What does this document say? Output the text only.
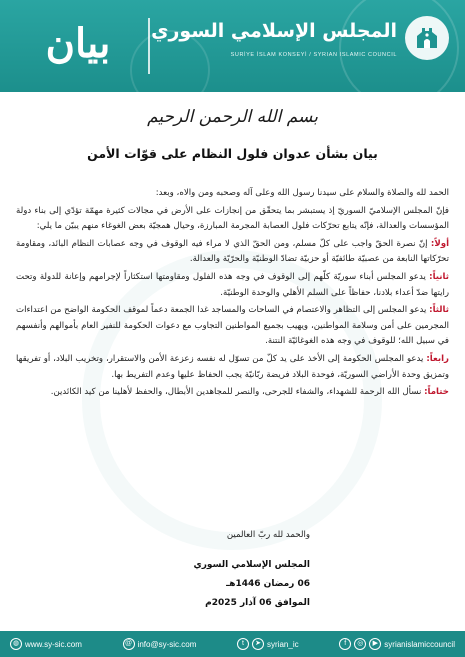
بيان	المجلس الإسلامي السوري
SURİYE İSLAM KONSEYİ / SYRIAN ISLAMIC COUNCIL
بسم الله الرحمن الرحيم
بيان بشأن عدوان فلول النظام على قوّات الأمن

الحمد لله والصلاة والسلام على سيدنا رسول الله وعلى آله وصحبه ومن والاه، وبعد:

فإنّ المجلس الإسلاميّ السوريّ إذ يستبشر بما يتحقّق من إنجازات على الأرض في مجالات كثيرة مهمّة تؤدّي إلى بناء دولة المؤسسات والعدالة، فإنّه يتابع تحرّكات فلول العصابة المجرمة المبارزة، وحيال همجيّة بعض الغوغاء منهم يبيّن ما يلي:

أولاً: إنّ نصرة الحقّ واجب على كلّ مسلم، ومن الحقّ الذي لا مراء فيه الوقوف في وجه عصابات النظام البائد، ومقاومة تحرّكاتها النابعة من عصبيّة طائفيّة أو حزبيّة تضادّ الوطنيّة والحرّيّة والعدالة.

ثانياً: يدعو المجلس أبناء سوريّة كلّهم إلى الوقوف في وجه هذه الفلول ومقاومتها استكثاراً لإجرامهم وإعانة للدولة وتحت رايتها ضدّ أعداء بلادنا، حفاظاً على السلم الأهلي والوحدة الوطنيّة.

ثالثاً: يدعو المجلس إلى التظاهر والاعتصام في الساحات والمساجد غدا الجمعة دعماً لموقف الحكومة الواضح من اعتداءات المجرمين على أمن وسلامة المواطنين، ويهيب بجميع المواطنين التجاوب مع دعوات الحكومة للنفير العام بأموالهم وأنفسهم في سبيل الله؛ للوقوف في وجه هذه الغوغائيّة النتنة.

رابعاً: يدعو المجلس الحكومة إلى الأخذ على يد كلّ من تسوّل له نفسه زعزعة الأمن والاستقرار، وتخريب البلاد، أو تفريقها وتمزيق وحدة الأراضي السوريّة، فوحدة البلاد فريضة ربّانيّة يجب الحفاظ عليها وعدم التفريط بها.

ختاماً: نسأل الله الرحمة للشهداء، والشفاء للجرحى، والنصر للمجاهدين الأبطال، والحفظ لأهلينا من كيد الكائدين.

والحمد لله ربّ العالمين
المجلس الإسلامي السوري
06 رمضان 1446هـ
الموافق 06 آذار 2025م
◍ www.sy-sic.com	@ info@sy-sic.com	t	➤ syrian_ic	f	◎	▶ syrianislamiccouncil
